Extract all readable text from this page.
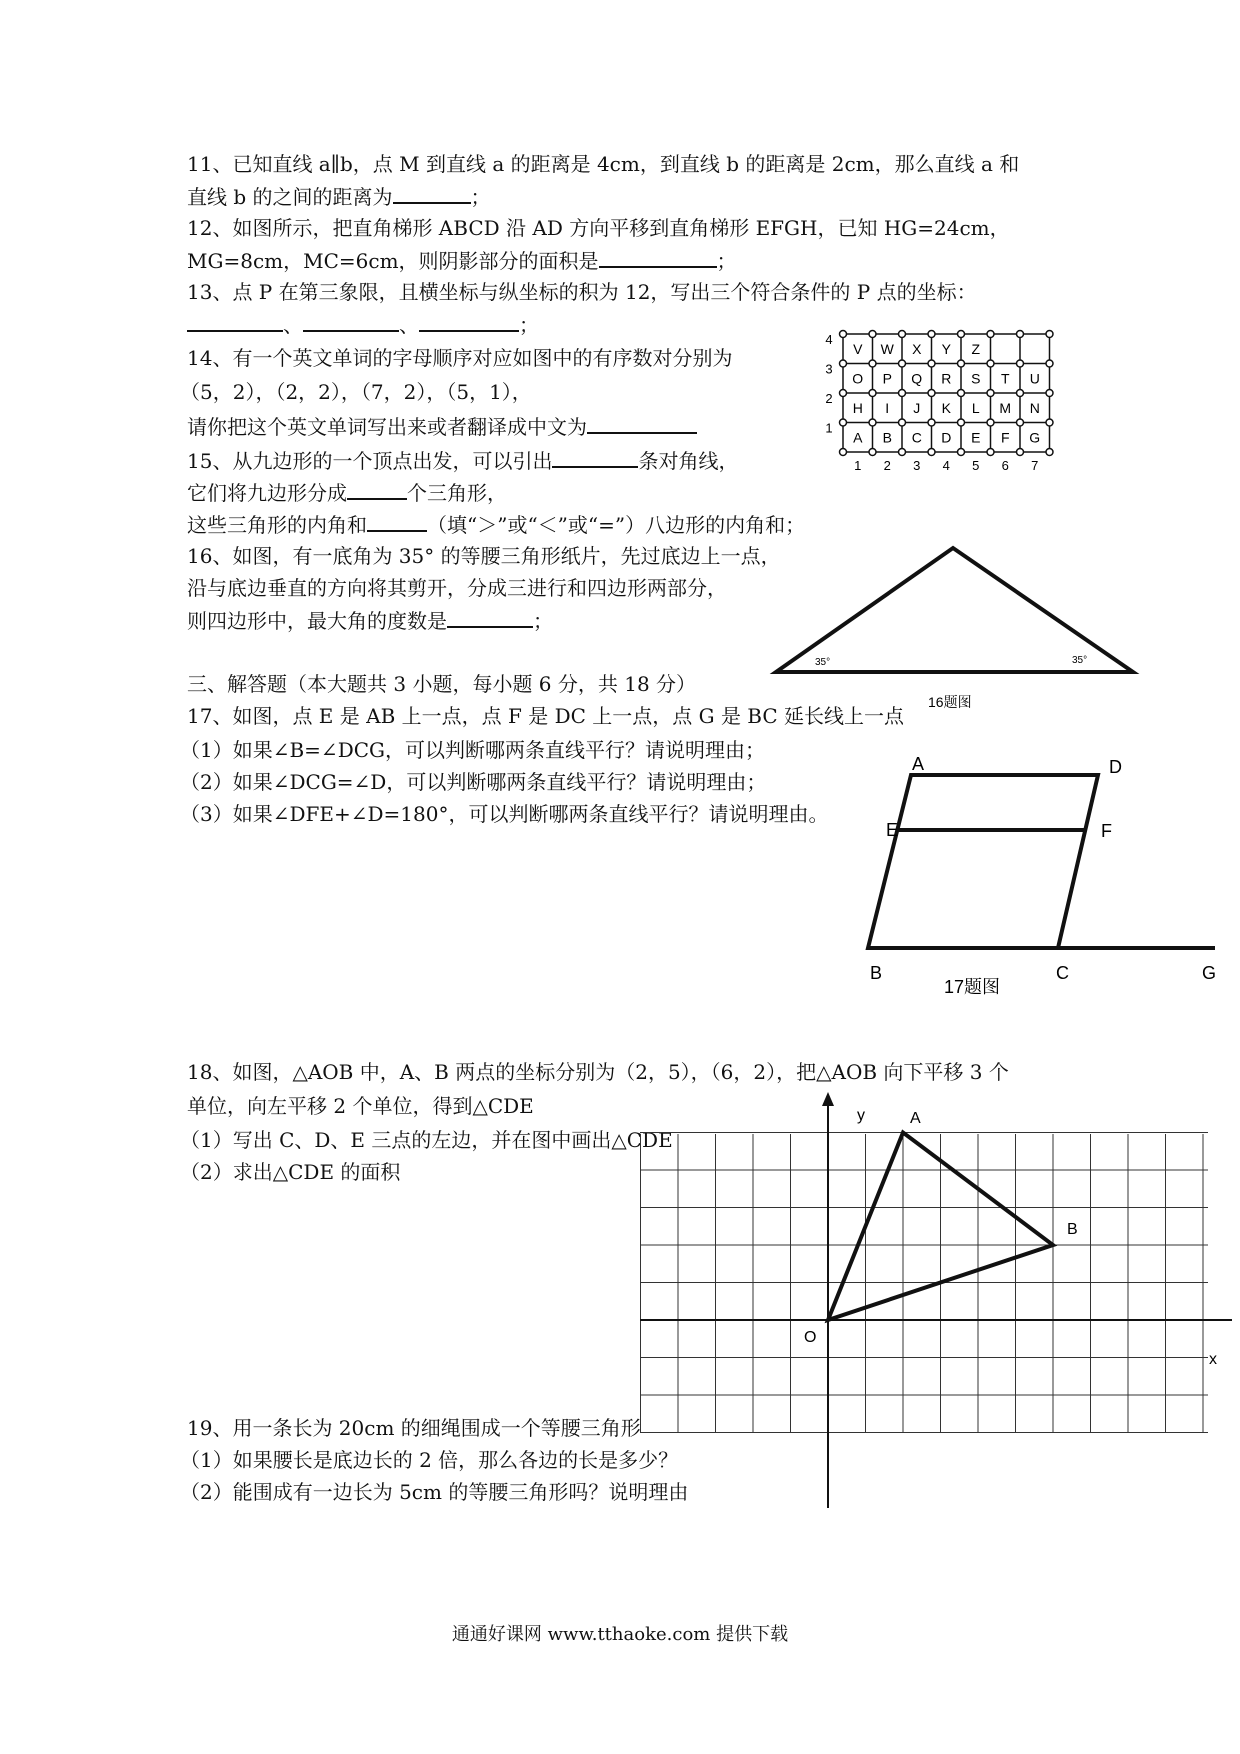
11、已知直线 a∥b，点 M 到直线 a 的距离是 4cm，到直线 b 的距离是 2cm，那么直线 a 和
直线 b 的之间的距离为	；
12、如图所示，把直角梯形 ABCD 沿 AD 方向平移到直角梯形 EFGH，已知 HG=24cm，
MG=8cm，MC=6cm，则阴影部分的面积是	；
13、点 P 在第三象限，且横坐标与纵坐标的积为 12，写出三个符合条件的 P 点的坐标：
、	、	；
14、有一个英文单词的字母顺序对应如图中的有序数对分别为
（5，2），（2，2），（7，2），（5，1），
请你把这个英文单词写出来或者翻译成中文为
15、从九边形的一个顶点出发，可以引出	条对角线，
它们将九边形分成	个三角形，
这些三角形的内角和	（填“＞”或“＜”或“=”）八边形的内角和；
16、如图，有一底角为 35° 的等腰三角形纸片，先过底边上一点，
沿与底边垂直的方向将其剪开，分成三进行和四边形两部分，
则四边形中，最大角的度数是	；
三、解答题（本大题共 3 小题，每小题 6 分，共 18 分）
17、如图，点 E 是 AB 上一点，点 F 是 DC 上一点，点 G 是 BC 延长线上一点
（1）如果∠B=∠DCG，可以判断哪两条直线平行？请说明理由；
（2）如果∠DCG=∠D，可以判断哪两条直线平行？请说明理由；
（3）如果∠DFE+∠D=180°，可以判断哪两条直线平行？请说明理由。
18、如图，△AOB 中，A、B 两点的坐标分别为（2，5），（6，2），把△AOB 向下平移 3 个
单位，向左平移 2 个单位，得到△CDE
（1）写出 C、D、E 三点的左边，并在图中画出△CDE
（2）求出△CDE 的面积
19、用一条长为 20cm 的细绳围成一个等腰三角形
（1）如果腰长是底边长的 2 倍，那么各边的长是多少？
（2）能围成有一边长为 5cm 的等腰三角形吗？说明理由
V W X Y Z
O P Q R S T U
H I J K L M N
A B C D E F G
4
3
2
1
1 2 3 4 5 6 7
35°	35°
16题图
A	D
E	F
B	C	G
17题图
y
x
O
A
B
通通好课网 www.tthaoke.com 提供下载
